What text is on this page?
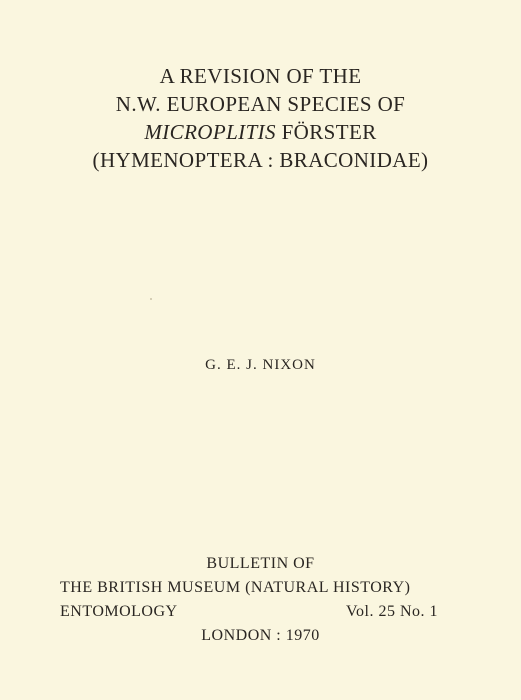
A REVISION OF THE
N.W. EUROPEAN SPECIES OF
MICROPLITIS FÖRSTER
(HYMENOPTERA : BRACONIDAE)
G. E. J. NIXON
BULLETIN OF
THE BRITISH MUSEUM (NATURAL HISTORY)
ENTOMOLOGY	Vol. 25 No. 1
LONDON : 1970
